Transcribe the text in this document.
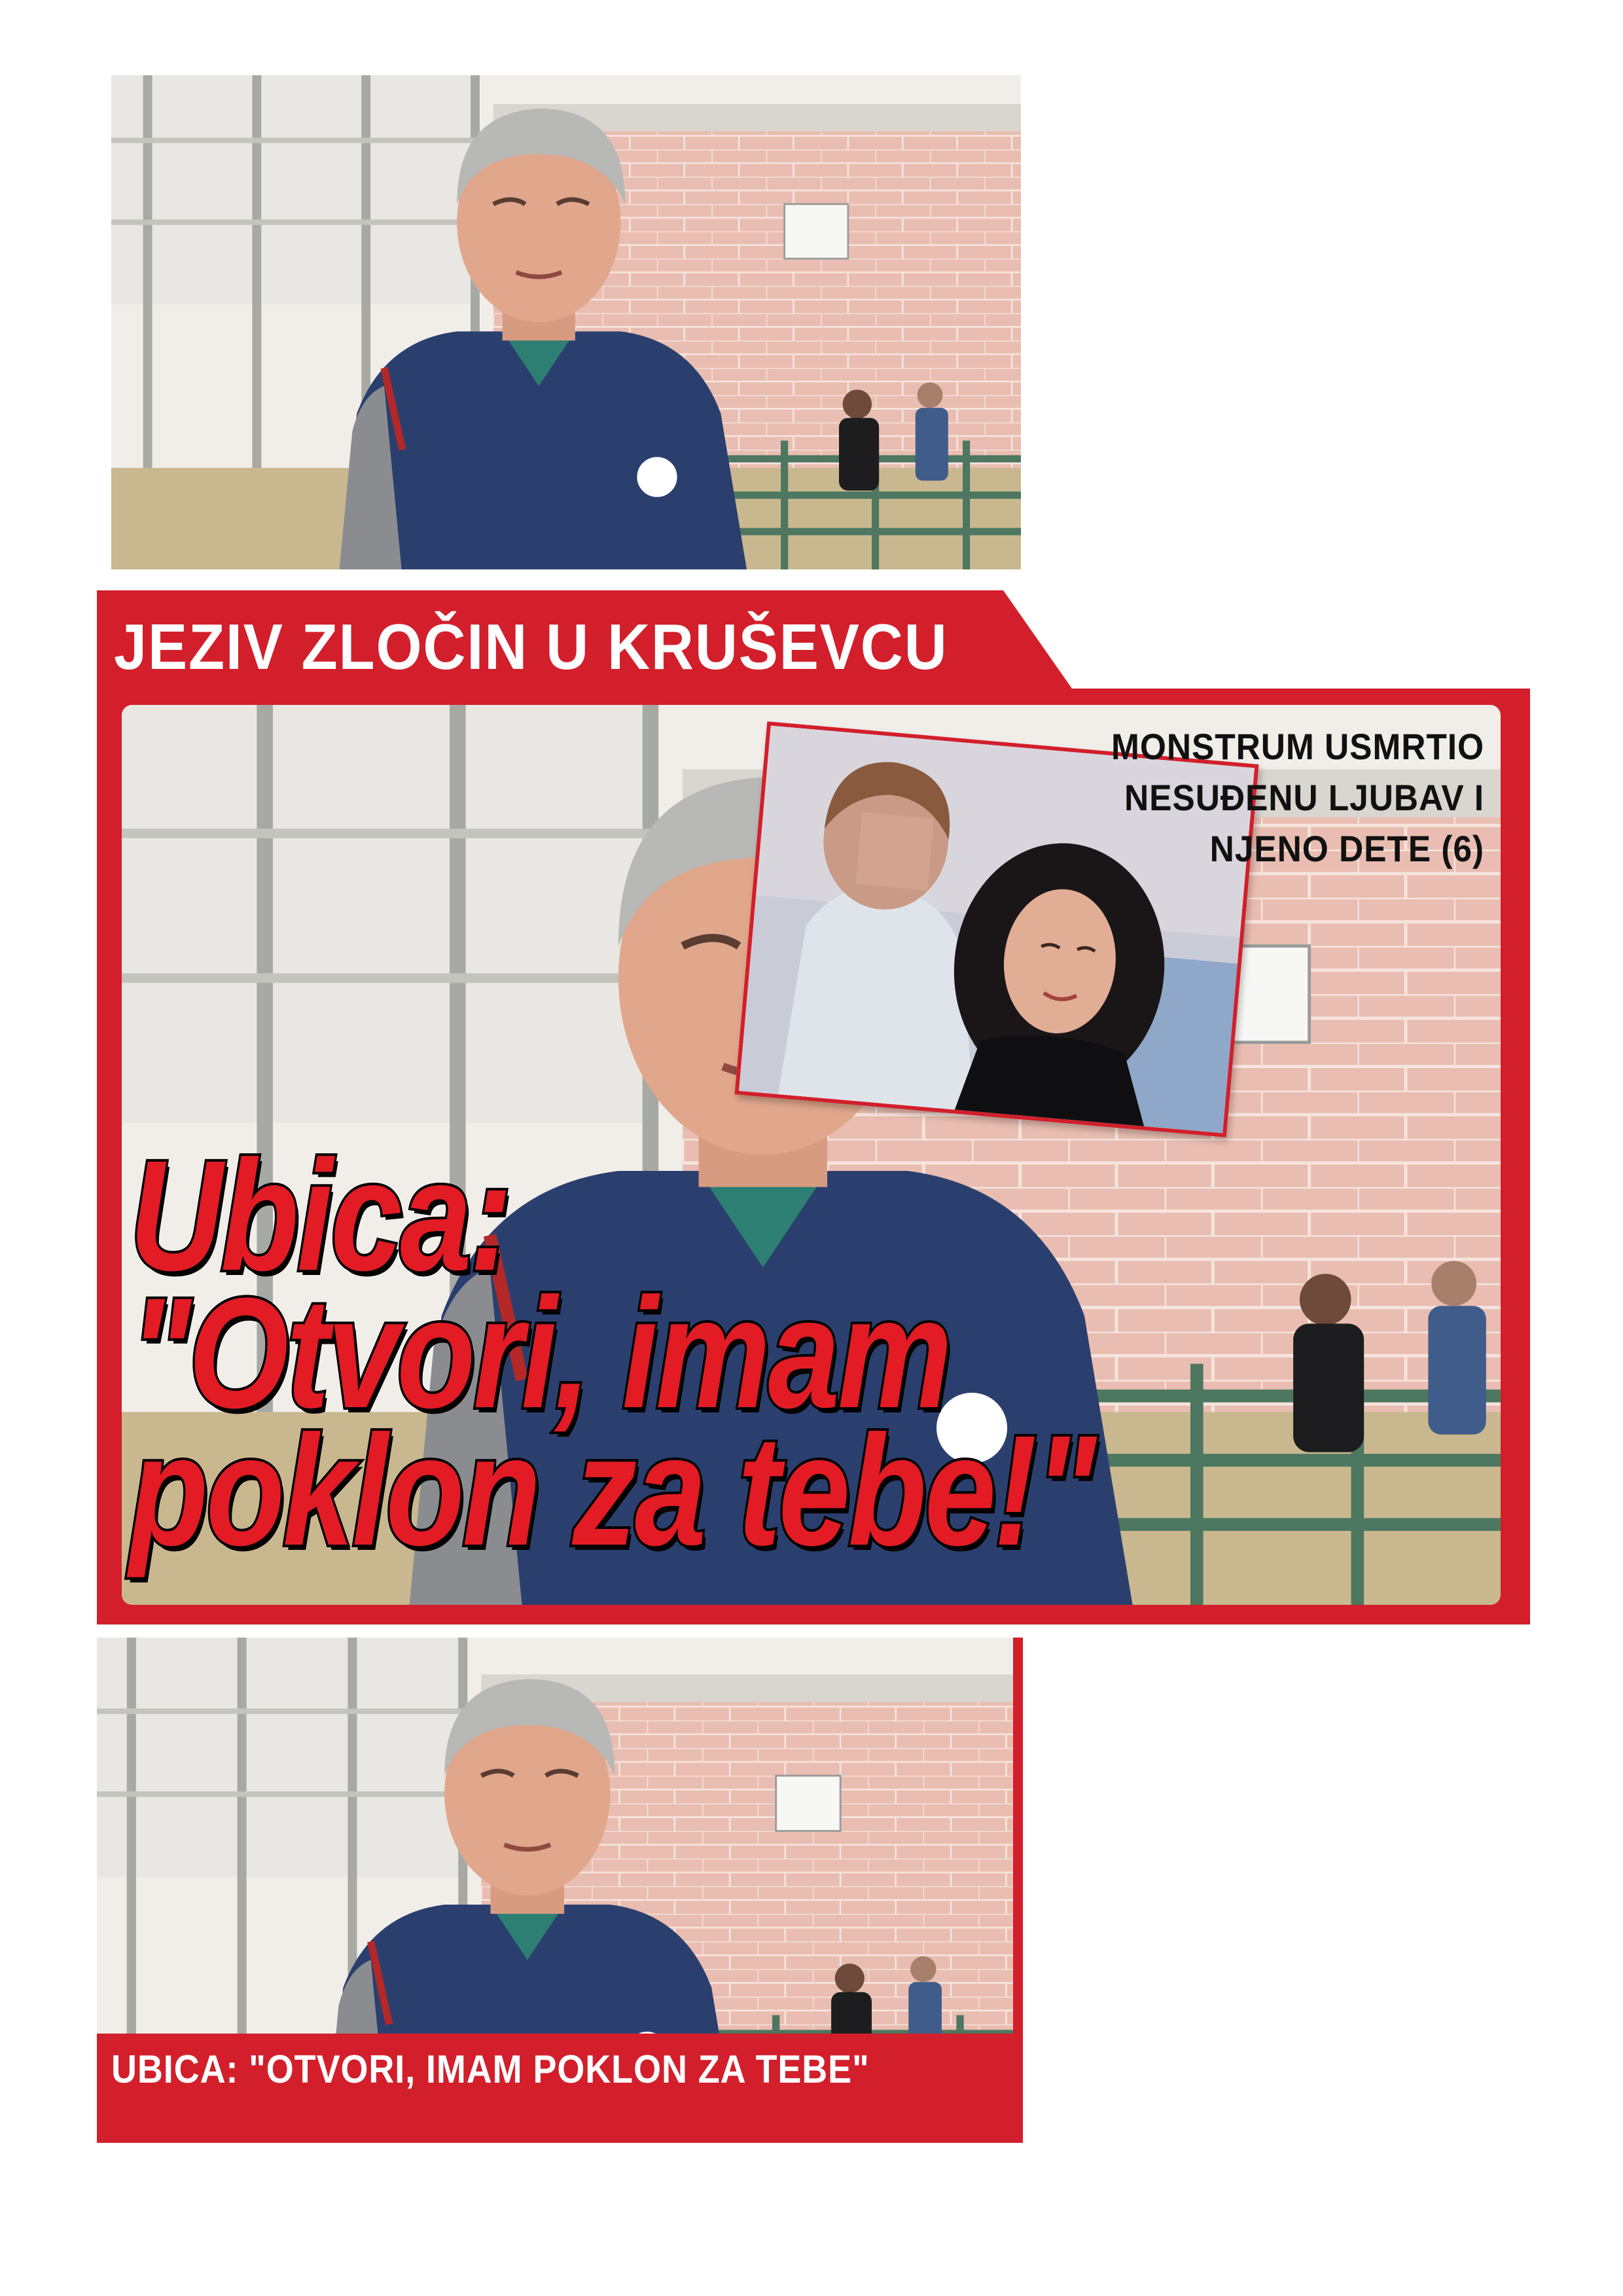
JEZIV ZLOČIN U KRUŠEVCU
MONSTRUM USMRTIO
NESUĐENU LJUBAV I
NJENO DETE (6)
Ubica:
"Otvori, imam
poklon za tebe!"
UBICA: "OTVORI, IMAM POKLON ZA TEBE"
